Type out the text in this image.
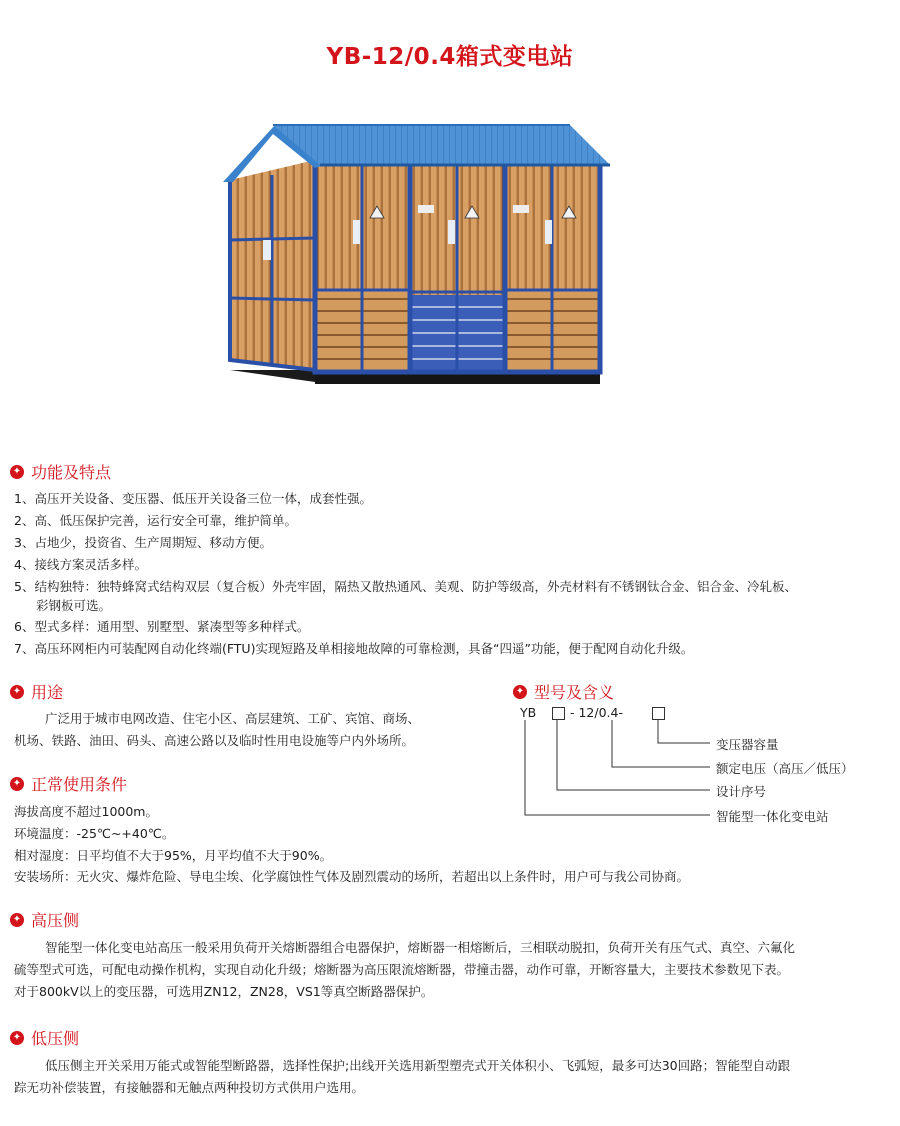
YB-12/0.4箱式变电站
✦
功能及特点
1、高压开关设备、变压器、低压开关设备三位一体，成套性强。
2、高、低压保护完善，运行安全可靠，维护简单。
3、占地少，投资省、生产周期短、移动方便。
4、接线方案灵活多样。
5、结构独特：独特蜂窝式结构双层（复合板）外壳牢固，隔热又散热通风、美观、防护等级高，外壳材料有不锈钢钛合金、铝合金、冷轧板、
彩钢板可选。
6、型式多样：通用型、别墅型、紧凑型等多种样式。
7、高压环网柜内可装配网自动化终端(FTU)实现短路及单相接地故障的可靠检测，具备“四遥”功能，便于配网自动化升级。
✦
用途
广泛用于城市电网改造、住宅小区、高层建筑、工矿、宾馆、商场、
机场、铁路、油田、码头、高速公路以及临时性用电设施等户内外场所。
✦
型号及含义
YB	- 12/0.4-
变压器容量
额定电压（高压／低压）
设计序号
智能型一体化变电站
✦
正常使用条件
海拔高度不超过1000m。
环境温度：-25℃~+40℃。
相对湿度：日平均值不大于95%，月平均值不大于90%。
安装场所：无火灾、爆炸危险、导电尘埃、化学腐蚀性气体及剧烈震动的场所，若超出以上条件时，用户可与我公司协商。
✦
高压侧
智能型一体化变电站高压一般采用负荷开关熔断器组合电器保护，熔断器一相熔断后，三相联动脱扣，负荷开关有压气式、真空、六氟化
硫等型式可选，可配电动操作机构，实现自动化升级；熔断器为高压限流熔断器，带撞击器，动作可靠，开断容量大，主要技术参数见下表。
对于800kV以上的变压器，可选用ZN12，ZN28，VS1等真空断路器保护。
✦
低压侧
低压侧主开关采用万能式或智能型断路器，选择性保护;出线开关选用新型塑壳式开关体积小、飞弧短，最多可达30回路；智能型自动跟
踪无功补偿装置，有接触器和无触点两种投切方式供用户选用。
